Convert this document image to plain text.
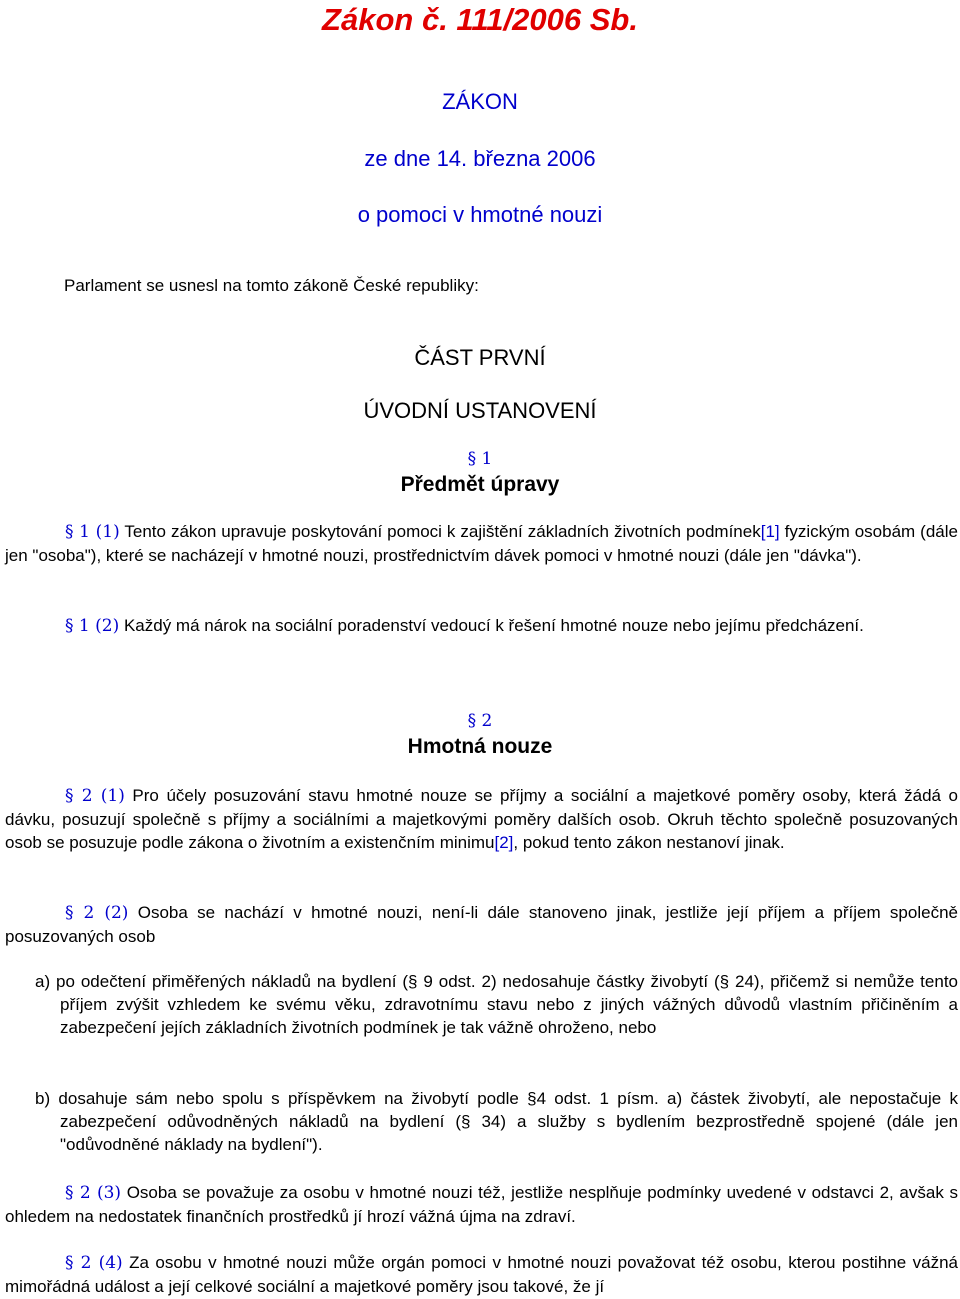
Zákon č. 111/2006 Sb.
ZÁKON
ze dne 14. března 2006
o pomoci v hmotné nouzi
Parlament se usnesl na tomto zákoně České republiky:
ČÁST PRVNÍ
ÚVODNÍ USTANOVENÍ
§ 1
Předmět úpravy
§ 1 (1) Tento zákon upravuje poskytování pomoci k zajištění základních životních podmínek[1] fyzickým osobám (dále jen "osoba"), které se nacházejí v hmotné nouzi, prostřednictvím dávek pomoci v hmotné nouzi (dále jen "dávka").
§ 1 (2) Každý má nárok na sociální poradenství vedoucí k řešení hmotné nouze nebo jejímu předcházení.
§ 2
Hmotná nouze
§ 2 (1) Pro účely posuzování stavu hmotné nouze se příjmy a sociální a majetkové poměry osoby, která žádá o dávku, posuzují společně s příjmy a sociálními a majetkovými poměry dalších osob. Okruh těchto společně posuzovaných osob se posuzuje podle zákona o životním a existenčním minimu[2], pokud tento zákon nestanoví jinak.
§ 2 (2) Osoba se nachází v hmotné nouzi, není-li dále stanoveno jinak, jestliže její příjem a příjem společně posuzovaných osob
a) po odečtení přiměřených nákladů na bydlení (§ 9 odst. 2) nedosahuje částky živobytí (§ 24), přičemž si nemůže tento příjem zvýšit vzhledem ke svému věku, zdravotnímu stavu nebo z jiných vážných důvodů vlastním přičiněním a zabezpečení jejích základních životních podmínek je tak vážně ohroženo, nebo
b) dosahuje sám nebo spolu s příspěvkem na živobytí podle §4 odst. 1 písm. a) částek živobytí, ale nepostačuje k zabezpečení odůvodněných nákladů na bydlení (§ 34) a služby s bydlením bezprostředně spojené (dále jen "odůvodněné náklady na bydlení").
§ 2 (3) Osoba se považuje za osobu v hmotné nouzi též, jestliže nesplňuje podmínky uvedené v odstavci 2, avšak s ohledem na nedostatek finančních prostředků jí hrozí vážná újma na zdraví.
§ 2 (4) Za osobu v hmotné nouzi může orgán pomoci v hmotné nouzi považovat též osobu, kterou postihne vážná mimořádná událost a její celkové sociální a majetkové poměry jsou takové, že jí
